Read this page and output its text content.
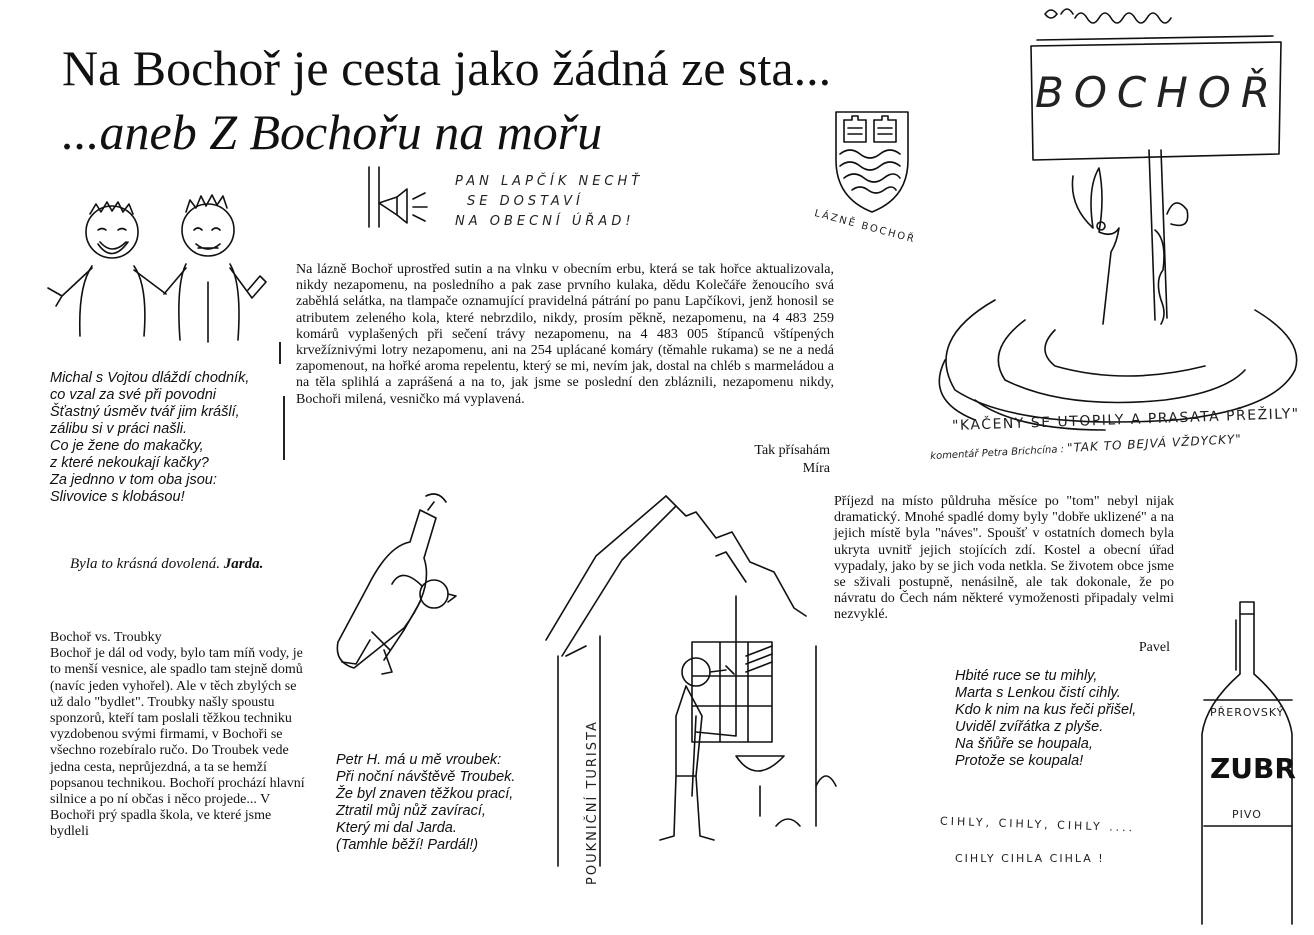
Na Bochoř je cesta jako žádná ze sta...
...aneb Z Bochořu na mořu
Michal s Vojtou dláždí chodník,
co vzal za své při povodni
Šťastný úsměv tvář jim krášlí,
zálibu si v práci našli.
Co je žene do makačky,
z které nekoukají kačky?
Za jednno v tom oba jsou:
Slivovice s klobásou!
Byla to krásná dovolená. Jarda.
Bochoř vs. Troubky
Bochoř je dál od vody, bylo tam míň vody, je to menší vesnice, ale spadlo tam stejně domů (navíc jeden vyhořel). Ale v těch zbylých se už dalo "bydlet". Troubky našly spoustu sponzorů, kteří tam poslali těžkou techniku vyzdobenou svými firmami, v Bochoři se všechno rozebíralo ručo. Do Troubek vede jedna cesta, neprůjezdná, a ta se hemží popsanou technikou. Bochoří prochází hlavní silnice a po ní občas i něco projede... V Bochoři prý spadla škola, ve které jsme bydleli
PAN LAPČÍK NECHŤ
SE DOSTAVÍ
NA OBECNÍ ÚŘAD!	LÁZNĚ BOCHOŘ
Na lázně Bochoř uprostřed sutin a na vlnku v obecním erbu, která se tak hořce aktualizovala, nikdy nezapomenu, na posledního a pak zase prvního kulaka, dědu Kolečáře ženoucího svá zaběhlá selátka, na tlampače oznamující pravidelná pátrání po panu Lapčíkovi, jenž honosil se atributem zeleného kola, které nebrzdilo, nikdy, prosím pěkně, nezapomenu, na 4 483 259 komárů vyplašených při sečení trávy nezapomenu, na 4 483 005 štípanců vštípených krvežíznivými lotry nezapomenu, ani na 254 uplácané komáry (těmahle rukama) se ne a nedá zapomenout, na hořké aroma repelentu, který se mi, nevím jak, dostal na chléb s marmeládou a na těla splihlá a zaprášená a na to, jak jsme se poslední den zbláznili, nezapomenu nikdy, Bochoři milená, vesničko má vyplavená.
Tak přísahám
Míra
BOCHOŘ
"KAČENY SE UTOPILY A PRASATA PŘEŽILY"
komentář Petra Brichcína : "TAK TO BEJVÁ VŽDYCKY"
Příjezd na místo půldruha měsíce po "tom" nebyl nijak dramatický. Mnohé spadlé domy byly "dobře uklizené" a na jejich místě byla "náves". Spoušť v ostatních domech byla ukryta uvnitř jejich stojících zdí. Kostel a obecní úřad vypadaly, jako by se jich voda netkla. Se životem obce jsme se sživali postupně, nenásilně, ale tak dokonale, že po návratu do Čech nám některé vymoženosti připadaly velmi nezvyklé.
Pavel
POUKNIČNÍ TURISTA
Petr H. má u mě vroubek:
Při noční návštěvě Troubek.
Že byl znaven těžkou prací,
Ztratil můj nůž zavírací,
Který mi dal Jarda.
(Tamhle běží! Pardál!)
Hbité ruce se tu mihly,
Marta s Lenkou čistí cihly.
Kdo k nim na kus řeči přišel,
Uviděl zvířátka z plyše.
Na šňůře se houpala,
Protože se koupala!
CIHLY, CIHLY, CIHLY ....
CIHLY CIHLA CIHLA !
PŘEROVSKÝ
ZUBR
PIVO
